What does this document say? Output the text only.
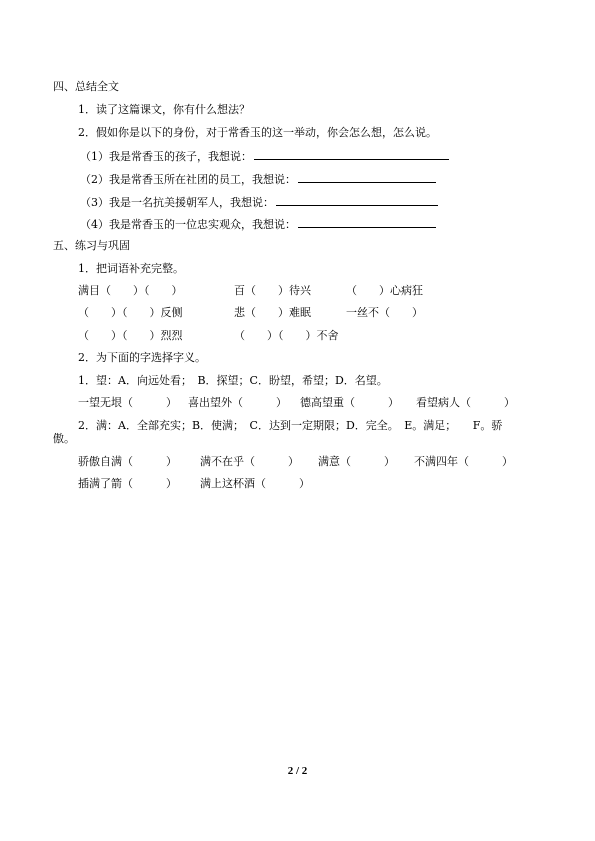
四、总结全文
1．读了这篇课文，你有什么想法？
2．假如你是以下的身份，对于常香玉的这一举动，你会怎么想，怎么说。
（1）我是常香玉的孩子，我想说：
（2）我是常香玉所在社团的员工，我想说：
（3）我是一名抗美援朝军人，我想说：
（4）我是常香玉的一位忠实观众，我想说：
五、练习与巩固
1．把词语补充完整。
满目（　　）（　　）	百（　　）待兴	（　　）心病狂
（　　）（　　）反侧	悲（　　）难眠	一丝不（　　）
（　　）（　　）烈烈	（　　）（　　）不舍
2．为下面的字选择字义。
1．望：A．向远处看；　B．探望；C．盼望，希望；D．名望。
一望无垠（　　　） 喜出望外（　　　） 德高望重（　　　） 看望病人（　　　）
2．满：A．全部充实；B．使满；　C．达到一定期限；D．完全。　E。满足；　　F。骄
傲。
骄傲自满（　　　） 满不在乎（　　　） 满意（　　　） 不满四年（　　　）
插满了箭（　　　） 满上这杯酒（　　　）
2 / 2
